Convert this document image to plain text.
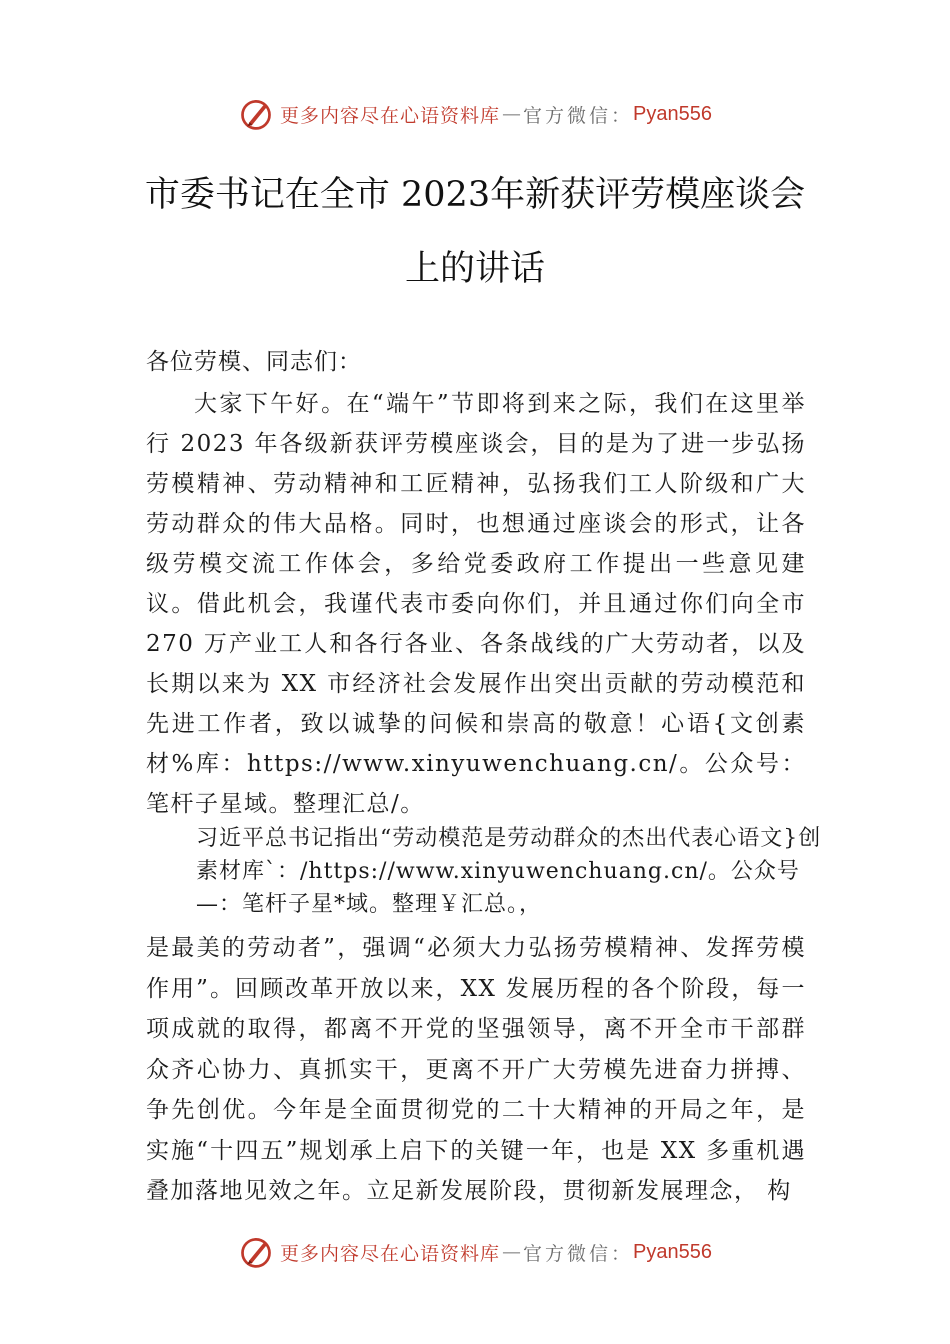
更多内容尽在心语资料库 — 官方微信： Pyan556
市委书记在全市 2023年新获评劳模座谈会
上的讲话
各位劳模、同志们：
大家下午好。在“端午”节即将到来之际，我们在这里举行 2023 年各级新获评劳模座谈会，目的是为了进一步弘扬劳模精神、劳动精神和工匠精神，弘扬我们工人阶级和广大劳动群众的伟大品格。同时，也想通过座谈会的形式，让各级劳模交流工作体会，多给党委政府工作提出一些意见建议。借此机会，我谨代表市委向你们，并且通过你们向全市270 万产业工人和各行各业、各条战线的广大劳动者，以及长期以来为 XX 市经济社会发展作出突出贡献的劳动模范和先进工作者，致以诚挚的问候和崇高的敬意！心语{文创素材%库：https://www.xinyuwenchuang.cn/。公众号：笔杆子星域。整理汇总/。
习近平总书记指出“劳动模范是劳动群众的杰出代表心语文}创素材库`：/https://www.xinyuwenchuang.cn/。公众号—：笔杆子星*域。整理￥汇总。，
是最美的劳动者”，强调“必须大力弘扬劳模精神、发挥劳模作用”。回顾改革开放以来，XX 发展历程的各个阶段，每一项成就的取得，都离不开党的坚强领导，离不开全市干部群众齐心协力、真抓实干，更离不开广大劳模先进奋力拼搏、 争先创优。今年是全面贯彻党的二十大精神的开局之年，是实施“十四五”规划承上启下的关键一年，也是 XX 多重机遇叠加落地见效之年。立足新发展阶段，贯彻新发展理念， 构
更多内容尽在心语资料库 — 官方微信： Pyan556
